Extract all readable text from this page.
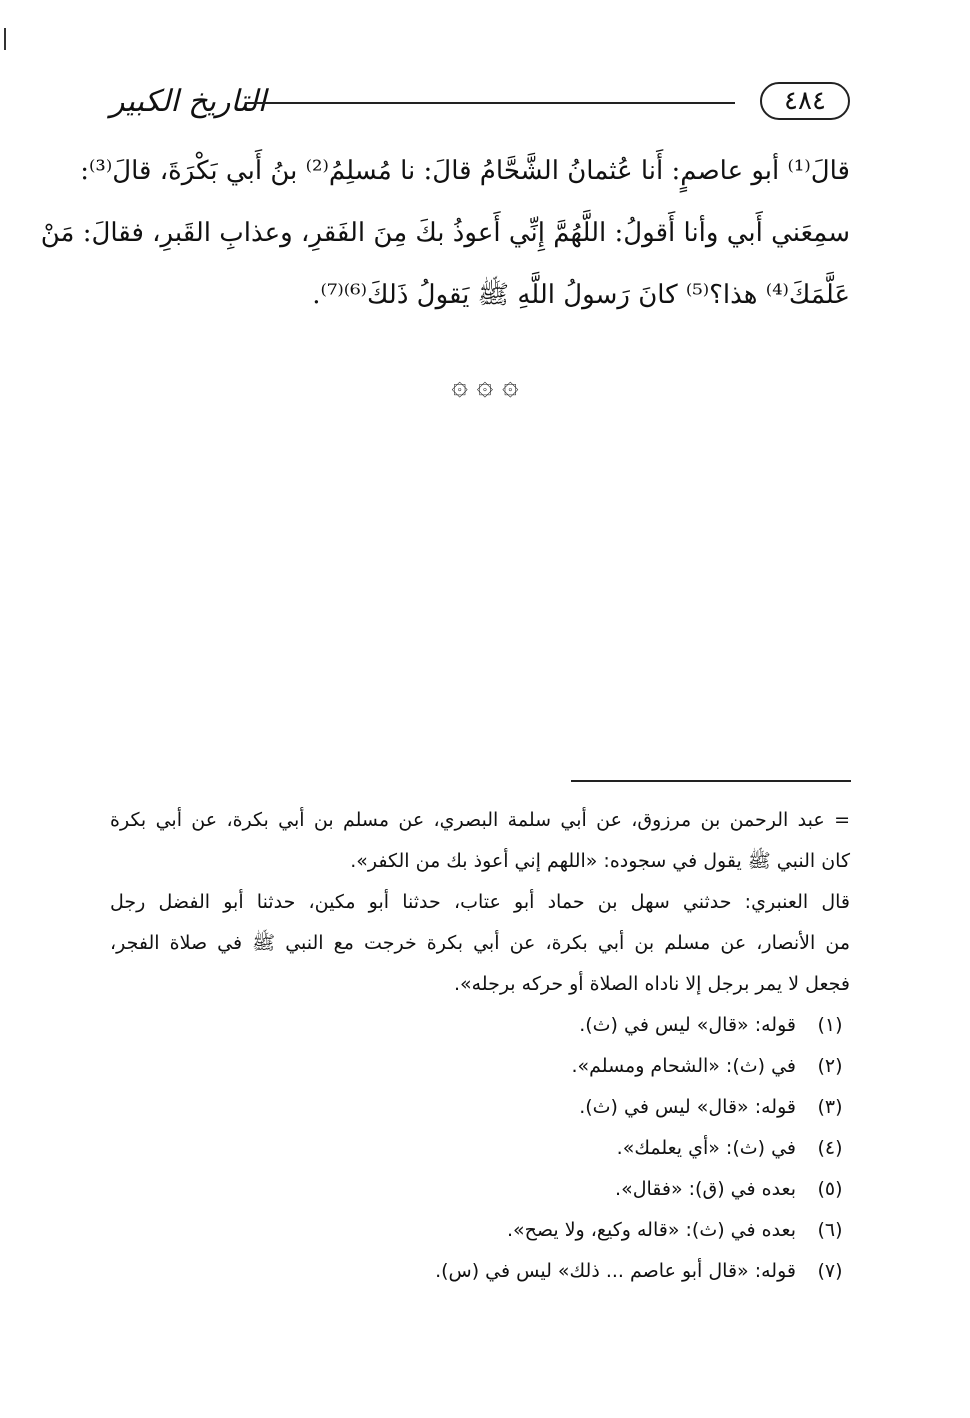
التاريخ الكبير	٤٨٤
قالَ⁽¹⁾ أبو عاصمٍ: أَنا عُثمانُ الشَّحَّامُ قالَ: نا مُسلِمُ⁽²⁾ بنُ أَبي بَكْرَةَ، قالَ⁽³⁾:
سمِعَني أَبي وأنا أَقولُ: اللَّهُمَّ إِنِّي أَعوذُ بكَ مِنَ الفَقرِ، وعذابِ القَبرِ، فقالَ: مَنْ
عَلَّمَكَ⁽⁴⁾ هذا؟⁽⁵⁾ كانَ رَسولُ اللَّهِ ﷺ يَقولُ ذَلكَ⁽⁶⁾⁽⁷⁾.
۞ ۞ ۞
= عبد الرحمن بن مرزوق، عن أبي سلمة البصري، عن مسلم بن أبي بكرة، عن أبي بكرة
كان النبي ﷺ يقول في سجوده: «اللهم إني أعوذ بك من الكفر».
قال العنبري: حدثني سهل بن حماد أبو عتاب، حدثنا أبو مكين، حدثنا أبو الفضل رجل
من الأنصار، عن مسلم بن أبي بكرة، عن أبي بكرة خرجت مع النبي ﷺ في صلاة الفجر،
فجعل لا يمر برجل إلا ناداه الصلاة أو حركه برجله».
(١)قوله: «قال» ليس في (ث).
(٢)في (ث): «الشحام ومسلم».
(٣)قوله: «قال» ليس في (ث).
(٤)في (ث): «أي يعلمك».
(٥)بعده في (ق): «فقال».
(٦)بعده في (ث): «قاله وكيع، ولا يصح».
(٧)قوله: «قال أبو عاصم ... ذلك» ليس في (س).
